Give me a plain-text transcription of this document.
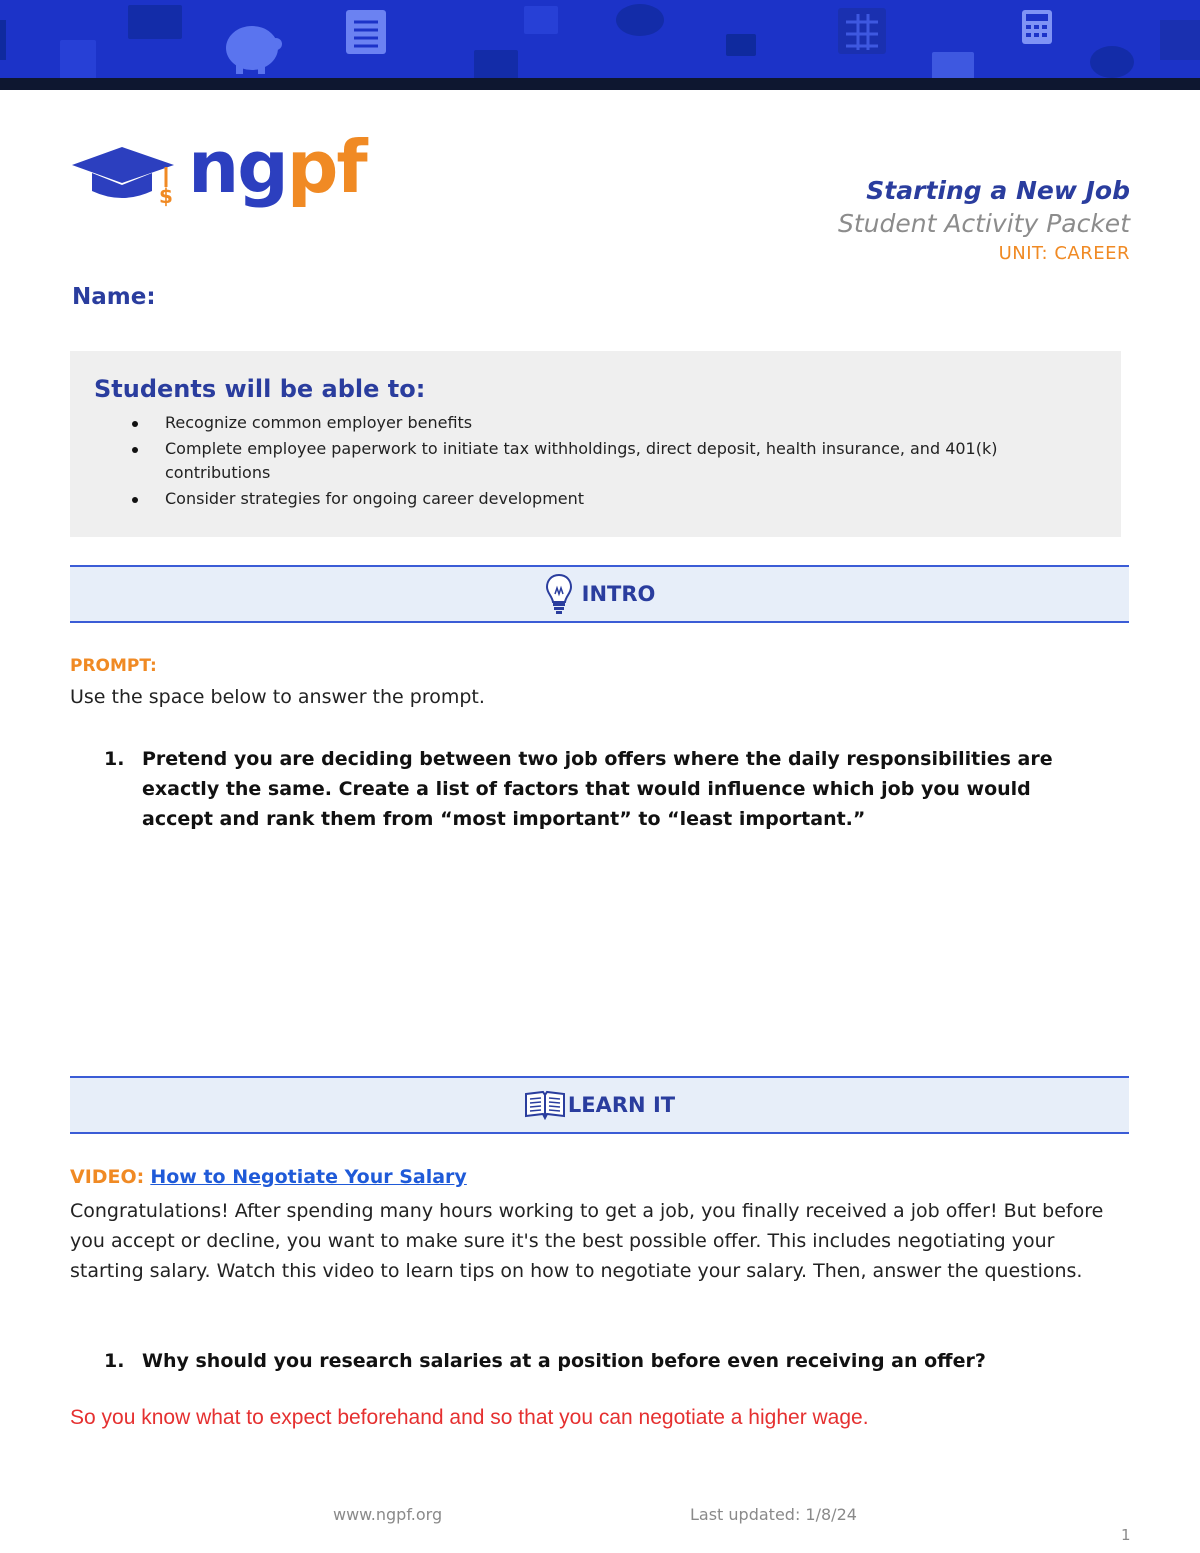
$ ngpf	Starting a New Job

Student Activity Packet

UNIT: CAREER

Name:
Students will be able to:
Recognize common employer benefits
Complete employee paperwork to initiate tax withholdings, direct deposit, health insurance, and 401(k) contributions
Consider strategies for ongoing career development
INTRO
PROMPT:
Use the space below to answer the prompt.
1. Pretend you are deciding between two job offers where the daily responsibilities are exactly the same. Create a list of factors that would influence which job you would accept and rank them from “most important” to “least important.”
LEARN IT
VIDEO: How to Negotiate Your Salary
Congratulations! After spending many hours working to get a job, you finally received a job offer! But before you accept or decline, you want to make sure it's the best possible offer. This includes negotiating your starting salary. Watch this video to learn tips on how to negotiate your salary. Then, answer the questions.
1. Why should you research salaries at a position before even receiving an offer?
So you know what to expect beforehand and so that you can negotiate a higher wage.
www.ngpf.org	Last updated: 1/8/24
1
